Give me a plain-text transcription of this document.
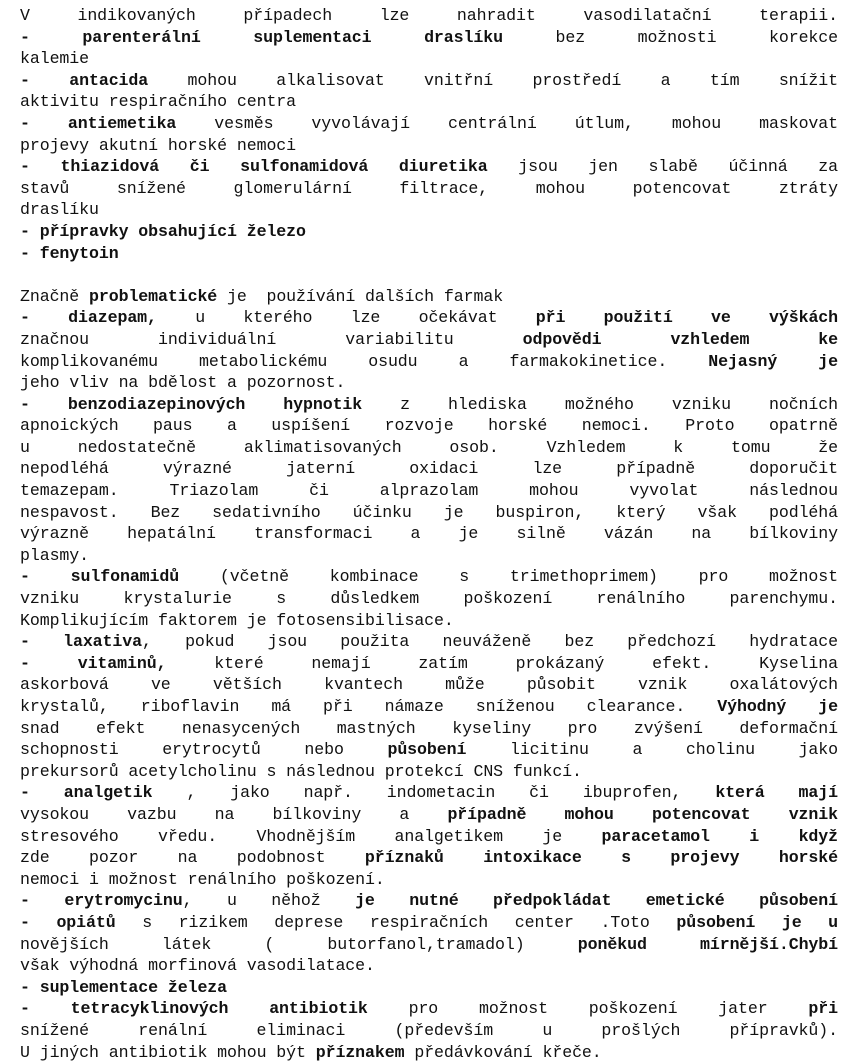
V indikovaných případech lze nahradit vasodilatační terapii.
- parenterální suplementaci draslíku bez možnosti korekce
kalemie
- antacida mohou alkalisovat vnitřní prostředí a tím snížit
aktivitu respiračního centra
- antiemetika vesměs vyvolávají centrální útlum, mohou maskovat
projevy akutní horské nemoci
- thiazidová či sulfonamidová diuretika jsou jen slabě účinná za
stavů snížené glomerulární filtrace, mohou potencovat ztráty
draslíku
- přípravky obsahující železo
- fenytoin
Značně problematické je  používání dalších farmak
- diazepam, u kterého lze očekávat při použití ve výškách
značnou individuální variabilitu odpovědi vzhledem ke
komplikovanému metabolickému osudu a farmakokinetice. Nejasný je
jeho vliv na bdělost a pozornost.
- benzodiazepinových hypnotik z hlediska možného vzniku nočních
apnoických paus a uspíšení rozvoje horské nemoci. Proto opatrně
u nedostatečně aklimatisovaných osob. Vzhledem k tomu že
nepodléhá výrazné jaterní oxidaci lze případně doporučit
temazepam. Triazolam či alprazolam mohou vyvolat následnou
nespavost. Bez sedativního účinku je buspiron, který však podléhá
výrazně hepatální transformaci a je silně vázán na bílkoviny
plasmy.
- sulfonamidů (včetně kombinace s trimethoprimem) pro možnost
vzniku krystalurie s důsledkem poškození renálního parenchymu.
Komplikujícím faktorem je fotosensibilisace.
- laxativa, pokud jsou použita neuváženě bez předchozí hydratace
- vitaminů, které nemají zatím prokázaný efekt. Kyselina
askorbová ve větších kvantech může působit vznik oxalátových
krystalů, riboflavin má při námaze sníženou clearance. Výhodný je
snad efekt nenasycených mastných kyseliny pro zvýšení deformační
schopnosti erytrocytů nebo působení licitinu a cholinu jako
prekursorů acetylcholinu s následnou protekcí CNS funkcí.
- analgetik , jako např. indometacin či ibuprofen, která mají
vysokou vazbu na bílkoviny a případně mohou potencovat vznik
stresového vředu. Vhodnějším analgetikem je paracetamol i když
zde pozor na podobnost příznaků intoxikace s projevy horské
nemoci i možnost renálního poškození.
- erytromycinu, u něhož je nutné předpokládat emetické působení
- opiátů s rizikem deprese respiračních center .Toto působení je u
novějších látek ( butorfanol,tramadol) poněkud mírnější.Chybí
však výhodná morfinová vasodilatace.
- suplementace železa
- tetracyklinových antibiotik pro možnost poškození jater při
snížené renální eliminaci (především u prošlých přípravků).
U jiných antibiotik mohou být příznakem předávkování křeče.
